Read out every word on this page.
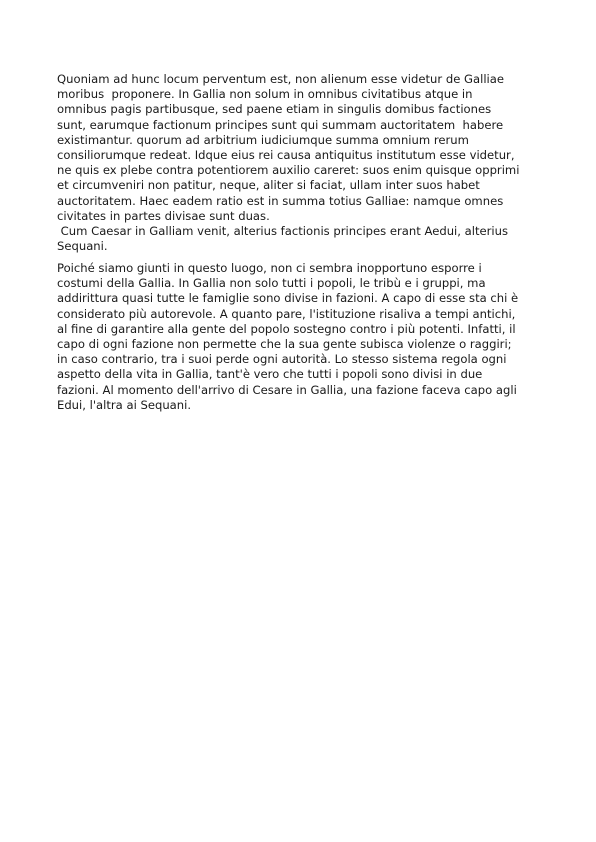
Quoniam ad hunc locum perventum est, non alienum esse videtur de Galliae
moribus  proponere. In Gallia non solum in omnibus civitatibus atque in
omnibus pagis partibusque, sed paene etiam in singulis domibus factiones
sunt, earumque factionum principes sunt qui summam auctoritatem  habere
existimantur. quorum ad arbitrium iudiciumque summa omnium rerum
consiliorumque redeat. Idque eius rei causa antiquitus institutum esse videtur,
ne quis ex plebe contra potentiorem auxilio careret: suos enim quisque opprimi
et circumveniri non patitur, neque, aliter si faciat, ullam inter suos habet
auctoritatem. Haec eadem ratio est in summa totius Galliae: namque omnes
civitates in partes divisae sunt duas.
Cum Caesar in Galliam venit, alterius factionis principes erant Aedui, alterius
Sequani.

Poiché siamo giunti in questo luogo, non ci sembra inopportuno esporre i
costumi della Gallia. In Gallia non solo tutti i popoli, le tribù e i gruppi, ma
addirittura quasi tutte le famiglie sono divise in fazioni. A capo di esse sta chi è
considerato più autorevole. A quanto pare, l'istituzione risaliva a tempi antichi,
al fine di garantire alla gente del popolo sostegno contro i più potenti. Infatti, il
capo di ogni fazione non permette che la sua gente subisca violenze o raggiri;
in caso contrario, tra i suoi perde ogni autorità. Lo stesso sistema regola ogni
aspetto della vita in Gallia, tant'è vero che tutti i popoli sono divisi in due
fazioni. Al momento dell'arrivo di Cesare in Gallia, una fazione faceva capo agli
Edui, l'altra ai Sequani.
